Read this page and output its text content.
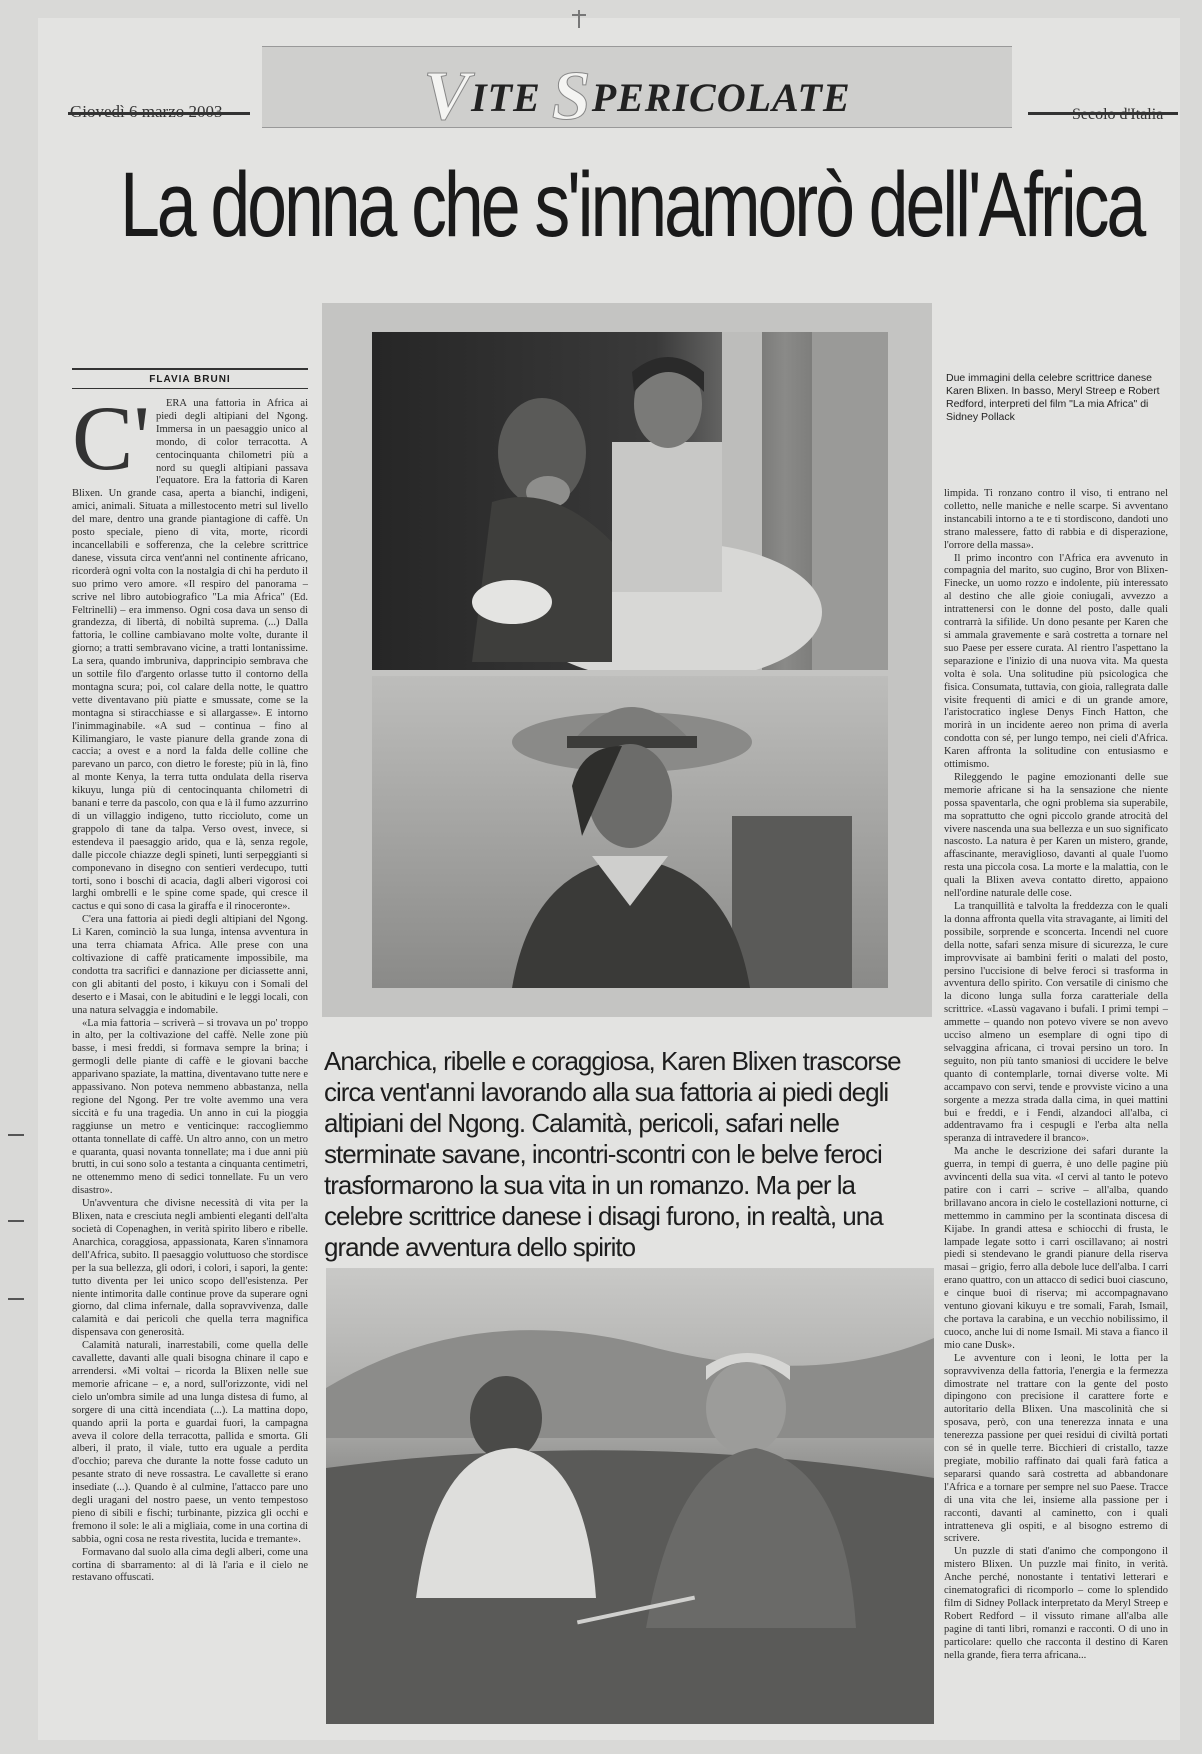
VITE SPERICOLATE
Giovedì 6 marzo 2003	Secolo d'Italia
La donna che s'innamorò dell'Africa
FLAVIA BRUNI
C'	ERA una fattoria in Africa ai piedi degli altipiani del Ngong. Immersa in un paesaggio unico al mondo, di color terracotta. A centocinquanta chilometri più a nord su quegli altipiani passava l'equatore. Era la fattoria di Karen Blixen. Un grande casa, aperta a bianchi, indigeni, amici, animali. Situata a millestocento metri sul livello del mare, dentro una grande piantagione di caffè. Un posto speciale, pieno di vita, morte, ricordi incancellabili e sofferenza, che la celebre scrittrice danese, vissuta circa vent'anni nel continente africano, ricorderà ogni volta con la nostalgia di chi ha perduto il suo primo vero amore. «Il respiro del panorama – scrive nel libro autobiografico "La mia Africa" (Ed. Feltrinelli) – era immenso. Ogni cosa dava un senso di grandezza, di libertà, di nobiltà suprema. (...) Dalla fattoria, le colline cambiavano molte volte, durante il giorno; a tratti sembravano vicine, a tratti lontanissime. La sera, quando imbruniva, dapprincipio sembrava che un sottile filo d'argento orlasse tutto il contorno della montagna scura; poi, col calare della notte, le quattro vette diventavano più piatte e smussate, come se la montagna si stiracchiasse e si allargasse». E intorno l'inimmaginabile. «A sud – continua – fino al Kilimangiaro, le vaste pianure della grande zona di caccia; a ovest e a nord la falda delle colline che parevano un parco, con dietro le foreste; più in là, fino al monte Kenya, la terra tutta ondulata della riserva kikuyu, lunga più di centocinquanta chilometri di banani e terre da pascolo, con qua e là il fumo azzurrino di un villaggio indigeno, tutto riccioluto, come un grappolo di tane da talpa. Verso ovest, invece, si estendeva il paesaggio arido, qua e là, senza regole, dalle piccole chiazze degli spineti, lunti serpeggianti si componevano in disegno con sentieri verdecupo, tutti torti, sono i boschi di acacia, dagli alberi vigorosi coi larghi ombrelli e le spine come spade, qui cresce il cactus e qui sono di casa la giraffa e il rinoceronte».

C'era una fattoria ai piedi degli altipiani del Ngong. Lì Karen, cominciò la sua lunga, intensa avventura in una terra chiamata Africa. Alle prese con una coltivazione di caffè praticamente impossibile, ma condotta tra sacrifici e dannazione per diciassette anni, con gli abitanti del posto, i kikuyu con i Somali del deserto e i Masai, con le abitudini e le leggi locali, con una natura selvaggia e indomabile.

«La mia fattoria – scriverà – si trovava un po' troppo in alto, per la coltivazione del caffè. Nelle zone più basse, i mesi freddi, si formava sempre la brina; i germogli delle piante di caffè e le giovani bacche apparivano spaziate, la mattina, diventavano tutte nere e appassivano. Non poteva nemmeno abbastanza, nella regione del Ngong. Per tre volte avemmo una vera siccità e fu una tragedia. Un anno in cui la pioggia raggiunse un metro e venticinque: raccogliemmo ottanta tonnellate di caffè. Un altro anno, con un metro e quaranta, quasi novanta tonnellate; ma i due anni più brutti, in cui sono solo a testanta a cinquanta centimetri, ne ottenemmo meno di sedici tonnellate. Fu un vero disastro».

Un'avventura che divisne necessità di vita per la Blixen, nata e cresciuta negli ambienti eleganti dell'alta società di Copenaghen, in verità spirito libero e ribelle. Anarchica, coraggiosa, appassionata, Karen s'innamora dell'Africa, subito. Il paesaggio voluttuoso che stordisce per la sua bellezza, gli odori, i colori, i sapori, la gente: tutto diventa per lei unico scopo dell'esistenza. Per niente intimorita dalle continue prove da superare ogni giorno, dal clima infernale, dalla sopravvivenza, dalle calamità e dai pericoli che quella terra magnifica dispensava con generosità.

Calamità naturali, inarrestabili, come quella delle cavallette, davanti alle quali bisogna chinare il capo e arrendersi. «Mi voltai – ricorda la Blixen nelle sue memorie africane – e, a nord, sull'orizzonte, vidi nel cielo un'ombra simile ad una lunga distesa di fumo, al sorgere di una città incendiata (...). La mattina dopo, quando aprii la porta e guardai fuori, la campagna aveva il colore della terracotta, pallida e smorta. Gli alberi, il prato, il viale, tutto era uguale a perdita d'occhio; pareva che durante la notte fosse caduto un pesante strato di neve rossastra. Le cavallette si erano insediate (...). Quando è al culmine, l'attacco pare uno degli uragani del nostro paese, un vento tempestoso pieno di sibili e fischi; turbinante, pizzica gli occhi e fremono il sole: le ali a migliaia, come in una cortina di sabbia, ogni cosa ne resta rivestita, lucida e tremante».

Formavano dal suolo alla cima degli alberi, come una cortina di sbarramento: al di là l'aria e il cielo ne restavano offuscati.

Due immagini della celebre scrittrice danese Karen Blixen. In basso, Meryl Streep e Robert Redford, interpreti del film "La mia Africa" di Sidney Pollack

limpida. Ti ronzano contro il viso, ti entrano nel colletto, nelle maniche e nelle scarpe. Si avventano instancabili intorno a te e ti stordiscono, dandoti uno strano malessere, fatto di rabbia e di disperazione, l'orrore della massa».

Il primo incontro con l'Africa era avvenuto in compagnia del marito, suo cugino, Bror von Blixen-Finecke, un uomo rozzo e indolente, più interessato al destino che alle gioie coniugali, avvezzo a intrattenersi con le donne del posto, dalle quali contrarrà la sifilide. Un dono pesante per Karen che si ammala gravemente e sarà costretta a tornare nel suo Paese per essere curata. Al rientro l'aspettano la separazione e l'inizio di una nuova vita. Ma questa volta è sola. Una solitudine più psicologica che fisica. Consumata, tuttavia, con gioia, rallegrata dalle visite frequenti di amici e di un grande amore, l'aristocratico inglese Denys Finch Hatton, che morirà in un incidente aereo non prima di averla condotta con sé, per lungo tempo, nei cieli d'Africa. Karen affronta la solitudine con entusiasmo e ottimismo.

Rileggendo le pagine emozionanti delle sue memorie africane si ha la sensazione che niente possa spaventarla, che ogni problema sia superabile, ma soprattutto che ogni piccolo grande atrocità del vivere nascenda una sua bellezza e un suo significato nascosto. La natura è per Karen un mistero, grande, affascinante, meraviglioso, davanti al quale l'uomo resta una piccola cosa. La morte e la malattia, con le quali la Blixen aveva contatto diretto, appaiono nell'ordine naturale delle cose.

La tranquillità e talvolta la freddezza con le quali la donna affronta quella vita stravagante, ai limiti del possibile, sorprende e sconcerta. Incendi nel cuore della notte, safari senza misure di sicurezza, le cure improvvisate ai bambini feriti o malati del posto, persino l'uccisione di belve feroci si trasforma in avventura dello spirito. Con versatile di cinismo che la dicono lunga sulla forza caratteriale della scrittrice. «Lassù vagavano i bufali. I primi tempi – ammette – quando non potevo vivere se non avevo ucciso almeno un esemplare di ogni tipo di selvaggina africana, ci trovai persino un toro. In seguito, non più tanto smaniosi di uccidere le belve quanto di contemplarle, tornai diverse volte. Mi accampavo con servi, tende e provviste vicino a una sorgente a mezza strada dalla cima, in quei mattini bui e freddi, e i Fendi, alzandoci all'alba, ci addentravamo fra i cespugli e l'erba alta nella speranza di intravedere il branco».

Ma anche le descrizione dei safari durante la guerra, in tempi di guerra, è uno delle pagine più avvincenti della sua vita. «I cervi al tanto le potevo patire con i carri – scrive – all'alba, quando brillavano ancora in cielo le costellazioni notturne, ci mettemmo in cammino per la scontinata discesa di Kijabe. In grandi attesa e schiocchi di frusta, le lampade legate sotto i carri oscillavano; ai nostri piedi si stendevano le grandi pianure della riserva masai – grigio, ferro alla debole luce dell'alba. I carri erano quattro, con un attacco di sedici buoi ciascuno, e cinque buoi di riserva; mi accompagnavano ventuno giovani kikuyu e tre somali, Farah, Ismail, che portava la carabina, e un vecchio nobilissimo, il cuoco, anche lui di nome Ismail. Mi stava a fianco il mio cane Dusk».

Le avventure con i leoni, le lotta per la sopravvivenza della fattoria, l'energia e la fermezza dimostrate nel trattare con la gente del posto dipingono con precisione il carattere forte e autoritario della Blixen. Una mascolinità che si sposava, però, con una tenerezza innata e una tenerezza passione per quei residui di civiltà portati con sé in quelle terre. Bicchieri di cristallo, tazze pregiate, mobilio raffinato dai quali farà fatica a separarsi quando sarà costretta ad abbandonare l'Africa e a tornare per sempre nel suo Paese. Tracce di una vita che lei, insieme alla passione per i racconti, davanti al caminetto, con i quali intratteneva gli ospiti, e al bisogno estremo di scrivere.

Un puzzle di stati d'animo che compongono il mistero Blixen. Un puzzle mai finito, in verità. Anche perché, nonostante i tentativi letterari e cinematografici di ricomporlo – come lo splendido film di Sidney Pollack interpretato da Meryl Streep e Robert Redford – il vissuto rimane all'alba alle pagine di tanti libri, romanzi e racconti. O di uno in particolare: quello che racconta il destino di Karen nella grande, fiera terra africana...

Anarchica, ribelle e coraggiosa, Karen Blixen trascorse circa vent'anni lavorando alla sua fattoria ai piedi degli altipiani del Ngong. Calamità, pericoli, safari nelle sterminate savane, incontri-scontri con le belve feroci trasformarono la sua vita in un romanzo. Ma per la celebre scrittrice danese i disagi furono, in realtà, una grande avventura dello spirito
